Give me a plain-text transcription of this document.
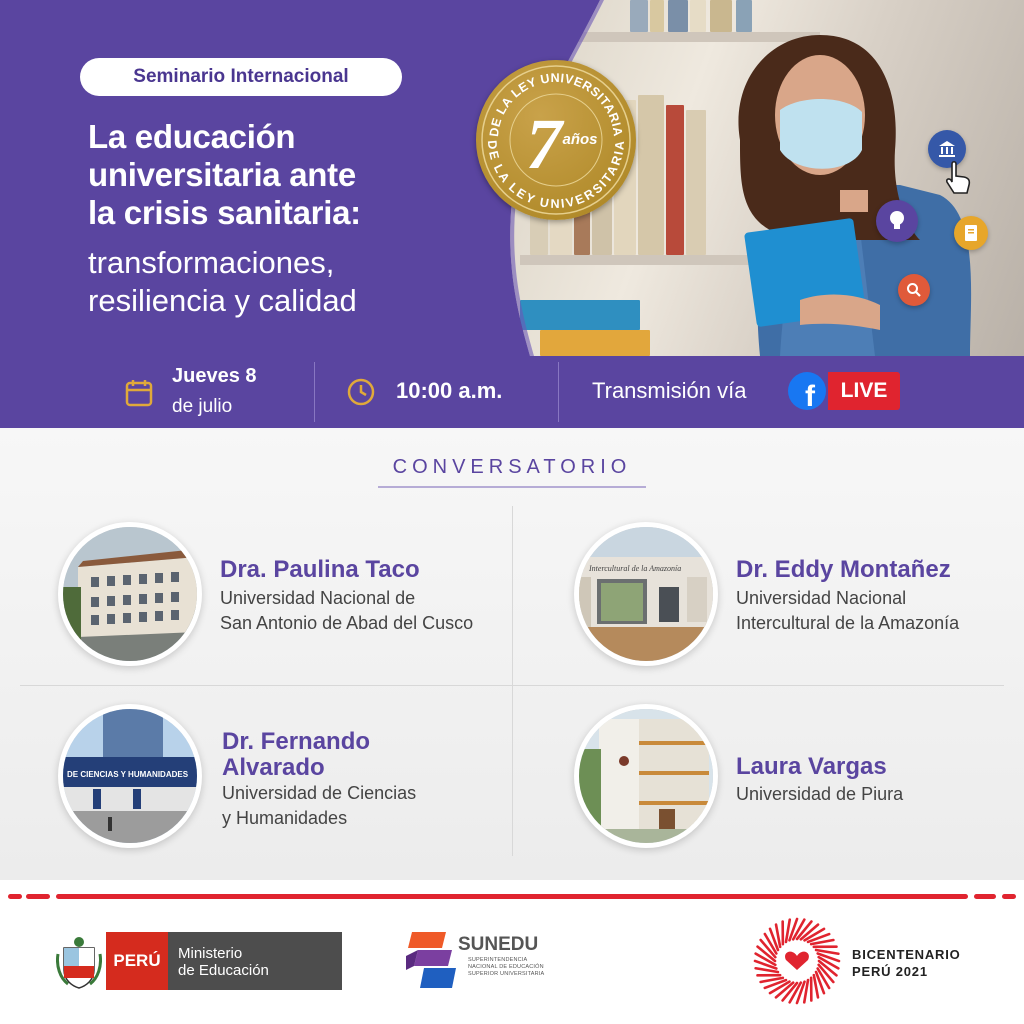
Seminario Internacional
La educación
universitaria ante
la crisis sanitaria:
transformaciones,
resiliencia y calidad
DE LA LEY UNIVERSITARIA
DE LA LEY UNIVERSITARIA
7 años
Jueves 8
de julio
10:00 a.m.	Transmisión vía f	LIVE
CONVERSATORIO
Dra. Paulina Taco
Universidad Nacional de
San Antonio de Abad del Cusco
Intercultural de la Amazonía Dr. Eddy Montañez
Universidad Nacional
Intercultural de la Amazonía
DE CIENCIAS Y HUMANIDADES
Dr. Fernando
Alvarado
Universidad de Ciencias
y Humanidades
Laura Vargas
Universidad de Piura
PERÚ	Ministerio
de Educación
SUNEDU
SUPERINTENDENCIA
NACIONAL DE EDUCACIÓN
SUPERIOR UNIVERSITARIA
BICENTENARIO
PERÚ 2021
